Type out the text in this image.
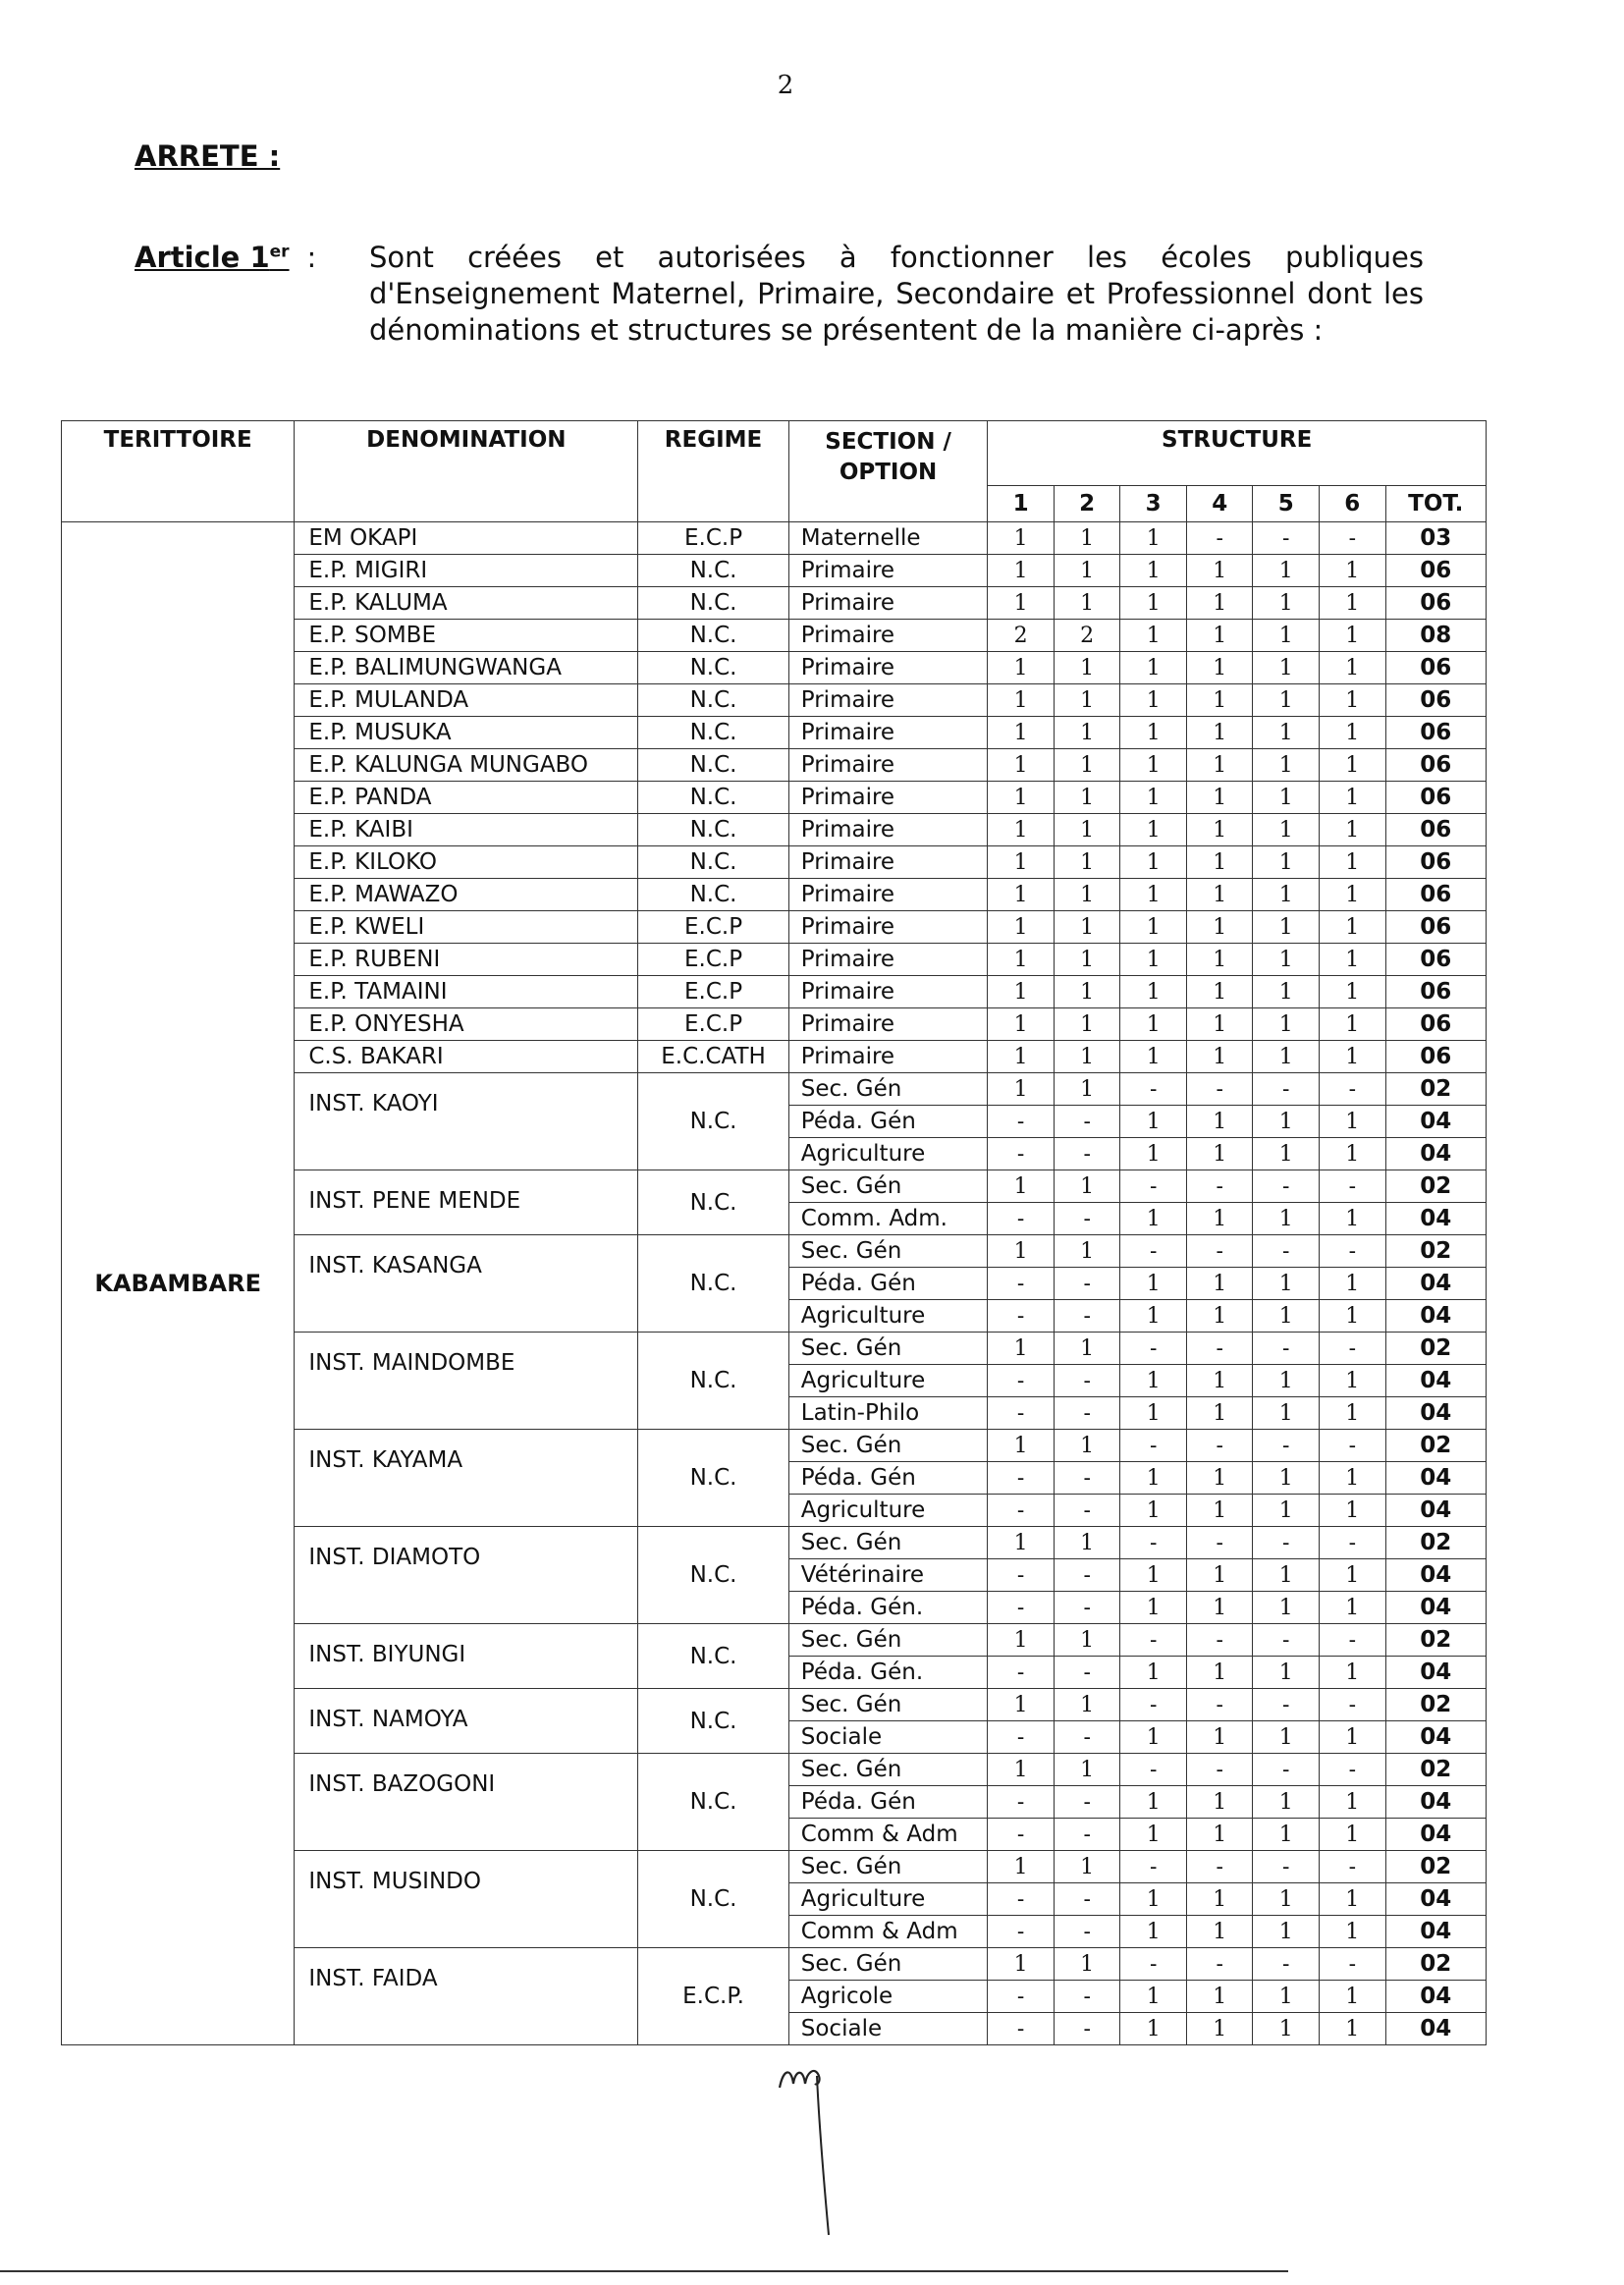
2
ARRETE :
Article 1er : Sont créées et autorisées à fonctionner les écoles publiques d'Enseignement Maternel, Primaire, Secondaire et Professionnel dont les dénominations et structures se présentent de la manière ci-après :
TERITTOIRE	DENOMINATION	REGIME	SECTION / OPTION	STRUCTURE						
				1	2	3	4	5	6	TOT.
KABAMBARE	EM OKAPI	E.C.P	Maternelle	1	1	1	-	-	-	03
	E.P. MIGIRI	N.C.	Primaire	1	1	1	1	1	1	06
	E.P. KALUMA	N.C.	Primaire	1	1	1	1	1	1	06
	E.P. SOMBE	N.C.	Primaire	2	2	1	1	1	1	08
	E.P. BALIMUNGWANGA	N.C.	Primaire	1	1	1	1	1	1	06
	E.P. MULANDA	N.C.	Primaire	1	1	1	1	1	1	06
	E.P. MUSUKA	N.C.	Primaire	1	1	1	1	1	1	06
	E.P. KALUNGA MUNGABO	N.C.	Primaire	1	1	1	1	1	1	06
	E.P. PANDA	N.C.	Primaire	1	1	1	1	1	1	06
	E.P. KAIBI	N.C.	Primaire	1	1	1	1	1	1	06
	E.P. KILOKO	N.C.	Primaire	1	1	1	1	1	1	06
	E.P. MAWAZO	N.C.	Primaire	1	1	1	1	1	1	06
	E.P. KWELI	E.C.P	Primaire	1	1	1	1	1	1	06
	E.P. RUBENI	E.C.P	Primaire	1	1	1	1	1	1	06
	E.P. TAMAINI	E.C.P	Primaire	1	1	1	1	1	1	06
	E.P. ONYESHA	E.C.P	Primaire	1	1	1	1	1	1	06
	C.S. BAKARI	E.C.CATH	Primaire	1	1	1	1	1	1	06
	INST. KAOYI	N.C.	Sec. Gén	1	1	-	-	-	-	02
			Péda. Gén	-	-	1	1	1	1	04
			Agriculture	-	-	1	1	1	1	04
	INST. PENE MENDE	N.C.	Sec. Gén	1	1	-	-	-	-	02
			Comm. Adm.	-	-	1	1	1	1	04
	INST. KASANGA	N.C.	Sec. Gén	1	1	-	-	-	-	02
			Péda. Gén	-	-	1	1	1	1	04
			Agriculture	-	-	1	1	1	1	04
	INST. MAINDOMBE	N.C.	Sec. Gén	1	1	-	-	-	-	02
			Agriculture	-	-	1	1	1	1	04
			Latin-Philo	-	-	1	1	1	1	04
	INST. KAYAMA	N.C.	Sec. Gén	1	1	-	-	-	-	02
			Péda. Gén	-	-	1	1	1	1	04
			Agriculture	-	-	1	1	1	1	04
	INST. DIAMOTO	N.C.	Sec. Gén	1	1	-	-	-	-	02
			Vétérinaire	-	-	1	1	1	1	04
			Péda. Gén.	-	-	1	1	1	1	04
	INST. BIYUNGI	N.C.	Sec. Gén	1	1	-	-	-	-	02
			Péda. Gén.	-	-	1	1	1	1	04
	INST. NAMOYA	N.C.	Sec. Gén	1	1	-	-	-	-	02
			Sociale	-	-	1	1	1	1	04
	INST. BAZOGONI	N.C.	Sec. Gén	1	1	-	-	-	-	02
			Péda. Gén	-	-	1	1	1	1	04
			Comm & Adm	-	-	1	1	1	1	04
	INST. MUSINDO	N.C.	Sec. Gén	1	1	-	-	-	-	02
			Agriculture	-	-	1	1	1	1	04
			Comm & Adm	-	-	1	1	1	1	04
	INST. FAIDA	E.C.P.	Sec. Gén	1	1	-	-	-	-	02
			Agricole	-	-	1	1	1	1	04
			Sociale	-	-	1	1	1	1	04
